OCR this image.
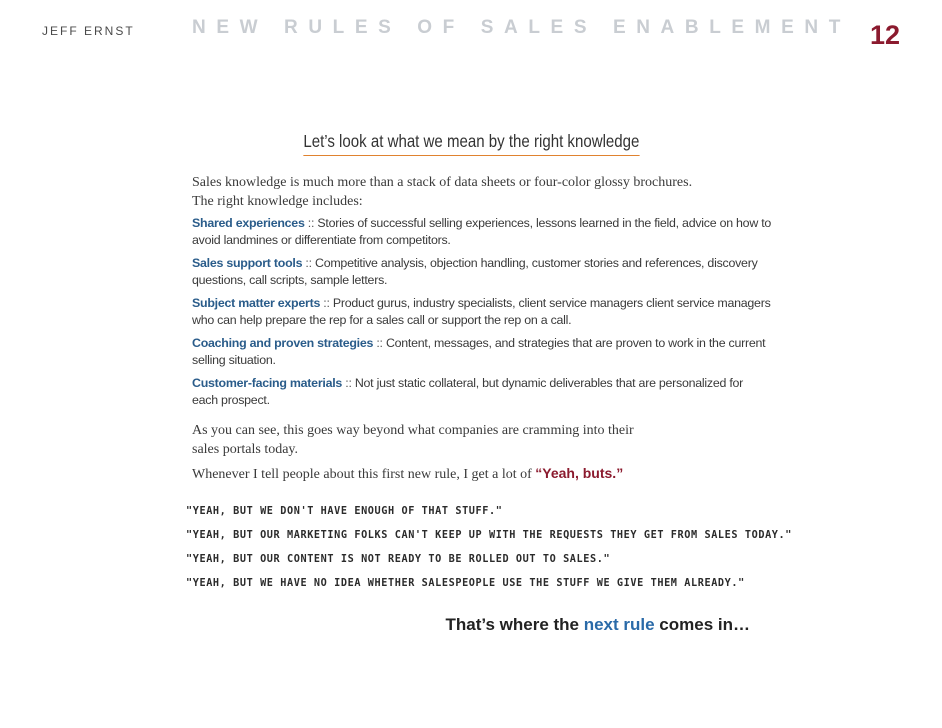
JEFF ERNST	NEW RULES OF SALES ENABLEMENT 12
Let’s look at what we mean by the right knowledge
Sales knowledge is much more than a stack of data sheets or four-color glossy brochures.
The right knowledge includes:
Shared experiences :: Stories of successful selling experiences, lessons learned in the field, advice on how to avoid landmines or differentiate from competitors.
Sales support tools :: Competitive analysis, objection handling, customer stories and references, discovery questions, call scripts, sample letters.
Subject matter experts :: Product gurus, industry specialists, client service managers client service managers who can help prepare the rep for a sales call or support the rep on a call.
Coaching and proven strategies :: Content, messages, and strategies that are proven to work in the current selling situation.
Customer-facing materials :: Not just static collateral, but dynamic deliverables that are personalized for each prospect.
As you can see, this goes way beyond what companies are cramming into their
sales portals today.
Whenever I tell people about this first new rule, I get a lot of “Yeah, buts.”
"YEAH, BUT WE DON'T HAVE ENOUGH OF THAT STUFF."
"YEAH, BUT OUR MARKETING FOLKS CAN'T KEEP UP WITH THE REQUESTS THEY GET FROM SALES TODAY."
"YEAH, BUT OUR CONTENT IS NOT READY TO BE ROLLED OUT TO SALES."
"YEAH, BUT WE HAVE NO IDEA WHETHER SALESPEOPLE USE THE STUFF WE GIVE THEM ALREADY."
That’s where the next rule comes in…
